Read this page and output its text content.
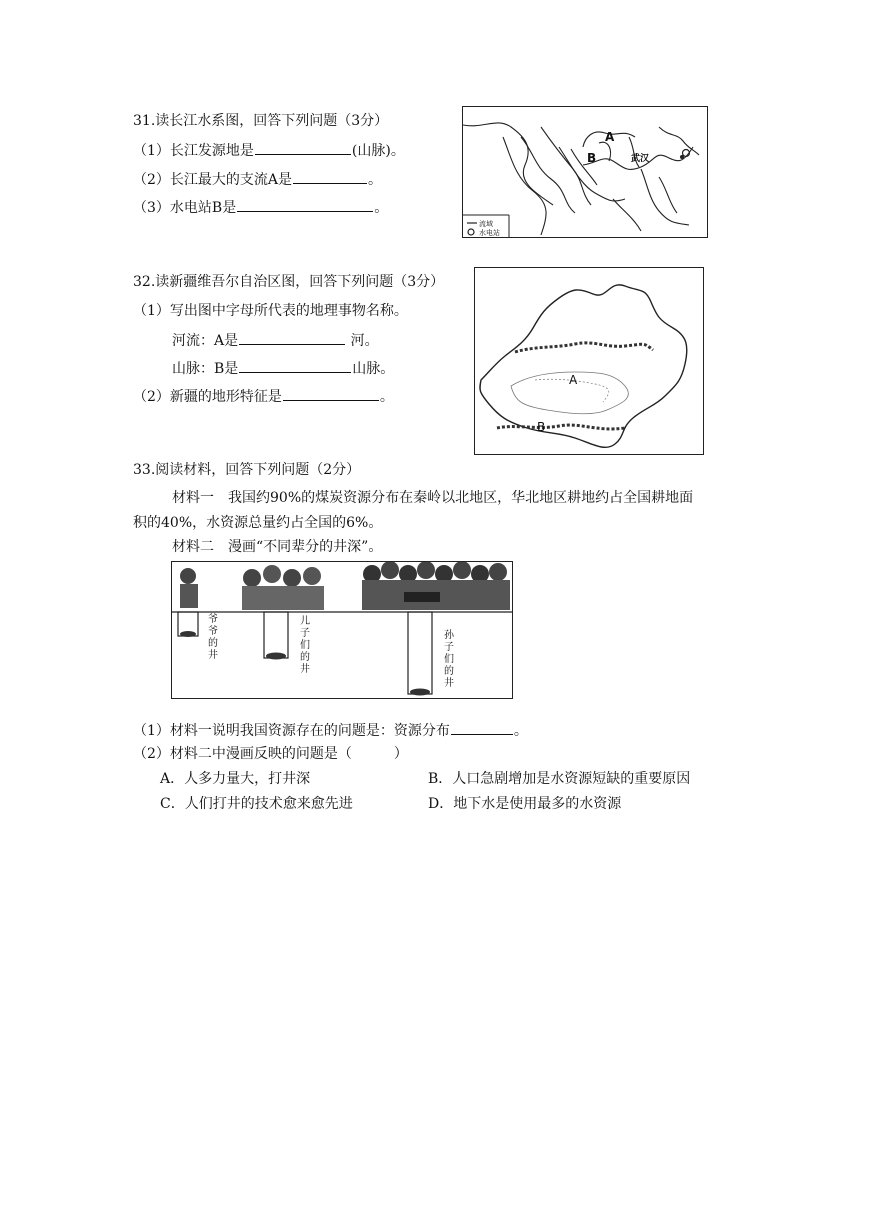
31.读长江水系图，回答下列问题（3分）
（1）长江发源地是	(山脉)。
（2）长江最大的支流A是	。
（3）水电站B是	。
A
B	武汉
流域
水电站
32.读新疆维吾尔自治区图，回答下列问题（3分）
（1）写出图中字母所代表的地理事物名称。
河流：A是	河。
山脉：B是	山脉。
（2）新疆的地形特征是	。
A
B
33.阅读材料，回答下列问题（2分）
材料一　我国约90%的煤炭资源分布在秦岭以北地区，华北地区耕地约占全国耕地面
积的40%，水资源总量约占全国的6%。
材料二　漫画“不同辈分的井深”。
爷爷的井
儿子们的井
孙子们的井
（1）材料一说明我国资源存在的问题是：资源分布	。
（2）材料二中漫画反映的问题是（　　　）
A．人多力量大，打井深	B．人口急剧增加是水资源短缺的重要原因
C．人们打井的技术愈来愈先进	D．地下水是使用最多的水资源
